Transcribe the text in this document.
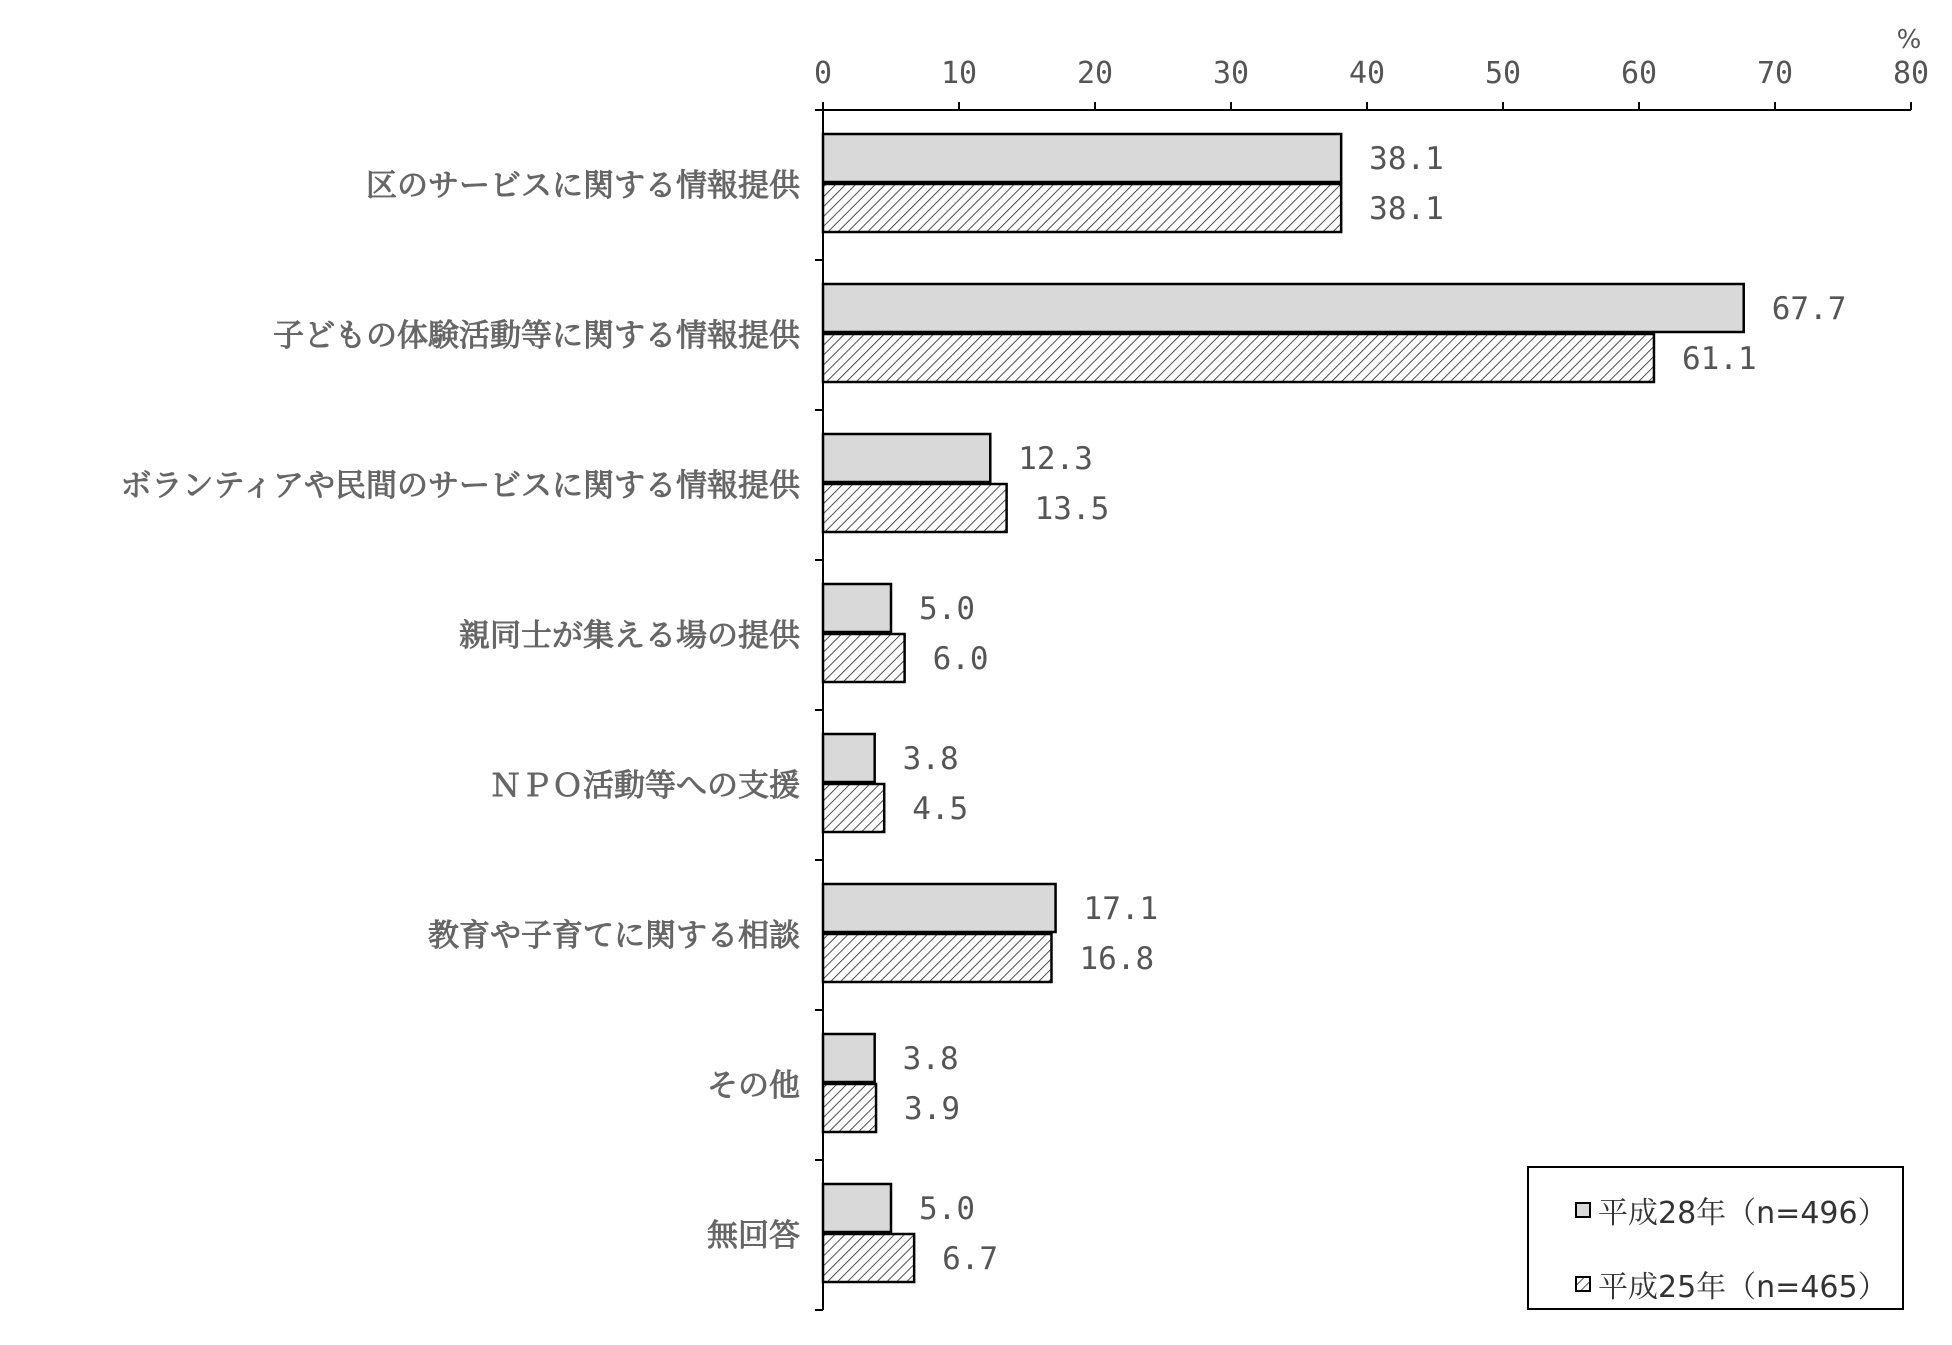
0	10	20	30	40	50	60	70	80
%
区のサービスに関する情報提供
38.1
38.1
子どもの体験活動等に関する情報提供
67.7
61.1
ボランティアや民間のサービスに関する情報提供
12.3
13.5
親同士が集える場の提供
5.0
6.0
ＮＰＯ活動等への支援
3.8
4.5
教育や子育てに関する相談
17.1
16.8
その他
3.8
3.9
無回答
5.0
6.7
平成28年（n=496）
平成25年（n=465）
